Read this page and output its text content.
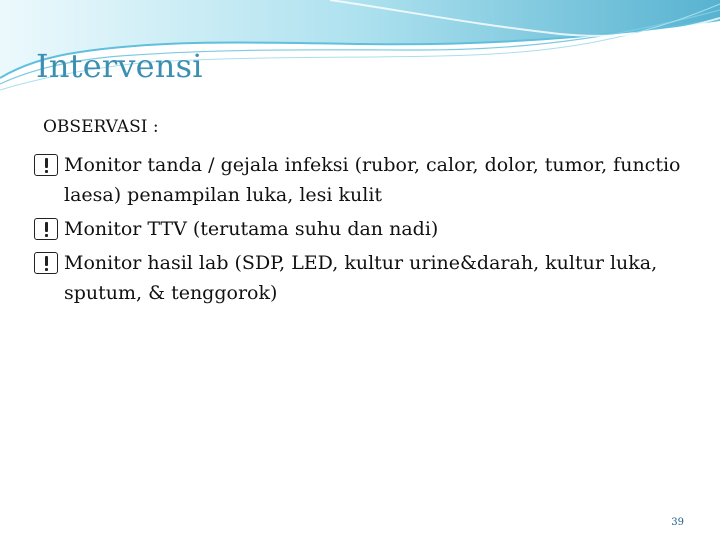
Intervensi
OBSERVASI :
Monitor tanda / gejala infeksi (rubor, calor, dolor, tumor, functio laesa) penampilan luka, lesi kulit
Monitor TTV (terutama suhu dan nadi)
Monitor hasil lab (SDP, LED, kultur urine&darah, kultur luka, sputum, & tenggorok)
39
